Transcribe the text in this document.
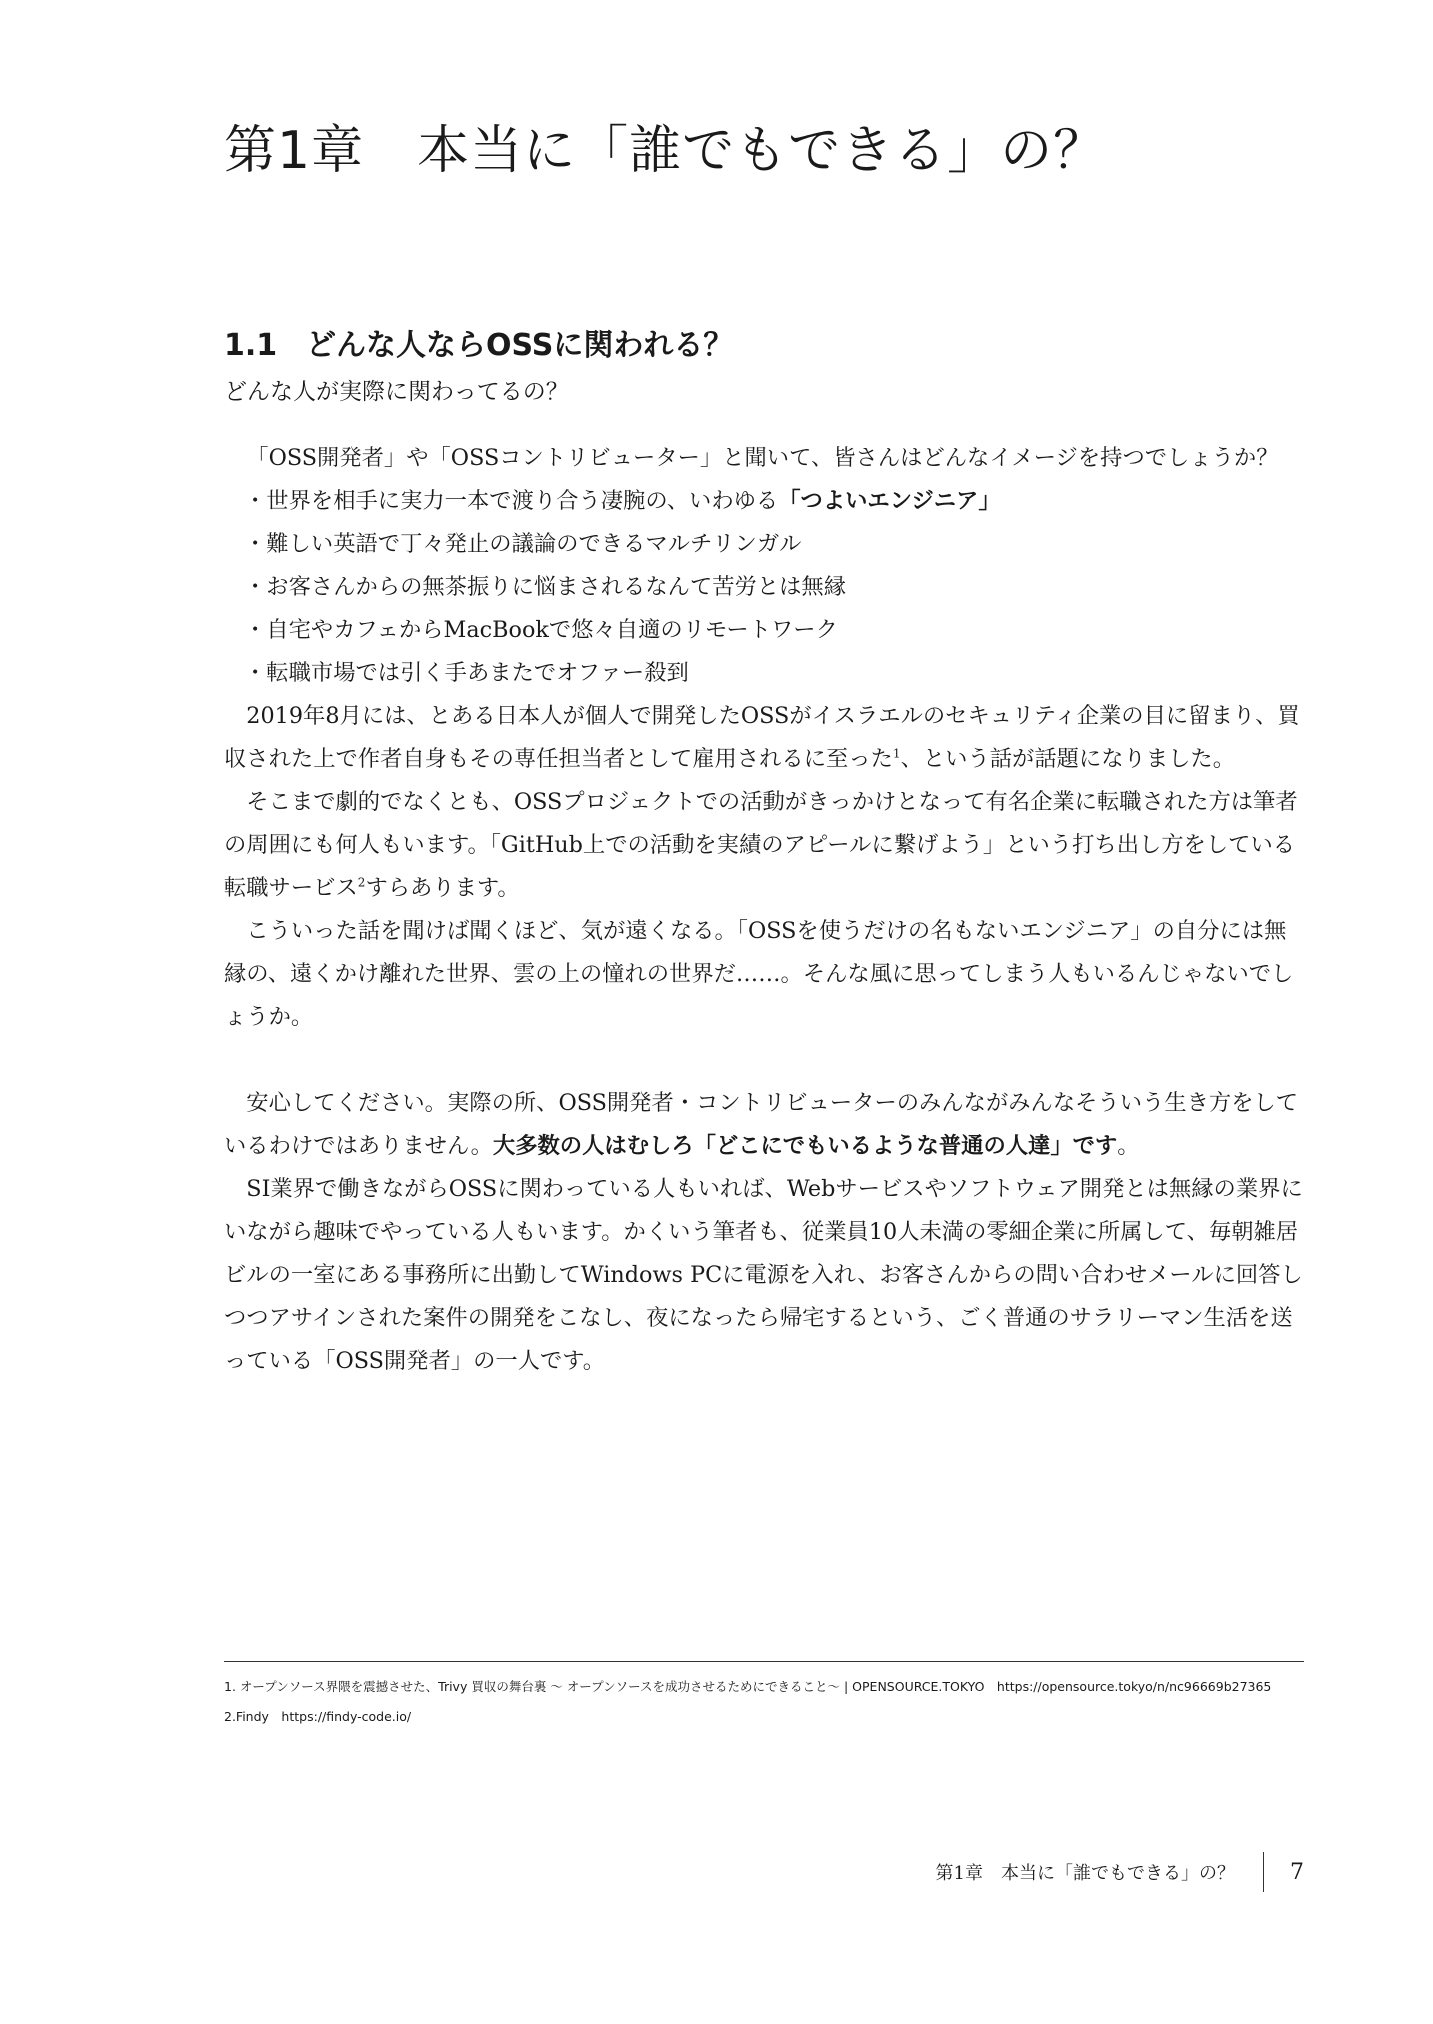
第1章　本当に「誰でもできる」の？
1.1 どんな人ならOSSに関われる？

どんな人が実際に関わってるの？

「OSS開発者」や「OSSコントリビューター」と聞いて、皆さんはどんなイメージを持つでしょうか？

・世界を相手に実力一本で渡り合う凄腕の、いわゆる「つよいエンジニア」
・難しい英語で丁々発止の議論のできるマルチリンガル
・お客さんからの無茶振りに悩まされるなんて苦労とは無縁
・自宅やカフェからMacBookで悠々自適のリモートワーク
・転職市場では引く手あまたでオファー殺到

2019年8月には、とある日本人が個人で開発したOSSがイスラエルのセキュリティ企業の目に留まり、買収された上で作者自身もその専任担当者として雇用されるに至った$^1$、という話が話題になりました。

そこまで劇的でなくとも、OSSプロジェクトでの活動がきっかけとなって有名企業に転職された方は筆者の周囲にも何人もいます。「GitHub上での活動を実績のアピールに繋げよう」という打ち出し方をしている転職サービス$^2$すらあります。

こういった話を聞けば聞くほど、気が遠くなる。「OSSを使うだけの名もないエンジニア」の自分には無縁の、遠くかけ離れた世界、雲の上の憧れの世界だ……。そんな風に思ってしまう人もいるんじゃないでしょうか。

安心してください。実際の所、OSS開発者・コントリビューターのみんながみんなそういう生き方をしているわけではありません。大多数の人はむしろ「どこにでもいるような普通の人達」です。

SI業界で働きながらOSSに関わっている人もいれば、Webサービスやソフトウェア開発とは無縁の業界にいながら趣味でやっている人もいます。かくいう筆者も、従業員10人未満の零細企業に所属して、毎朝雑居ビルの一室にある事務所に出勤してWindows PCに電源を入れ、お客さんからの問い合わせメールに回答しつつアサインされた案件の開発をこなし、夜になったら帰宅するという、ごく普通のサラリーマン生活を送っている「OSS開発者」の一人です。

1. オープンソース界隈を震撼させた、Trivy 買収の舞台裏 ～ オープンソースを成功させるためにできること～ | OPENSOURCE.TOKYO　https://opensource.tokyo/n/nc96669b27365

2.Findy　https://findy-code.io/

第1章　本当に「誰でもできる」の？	7
